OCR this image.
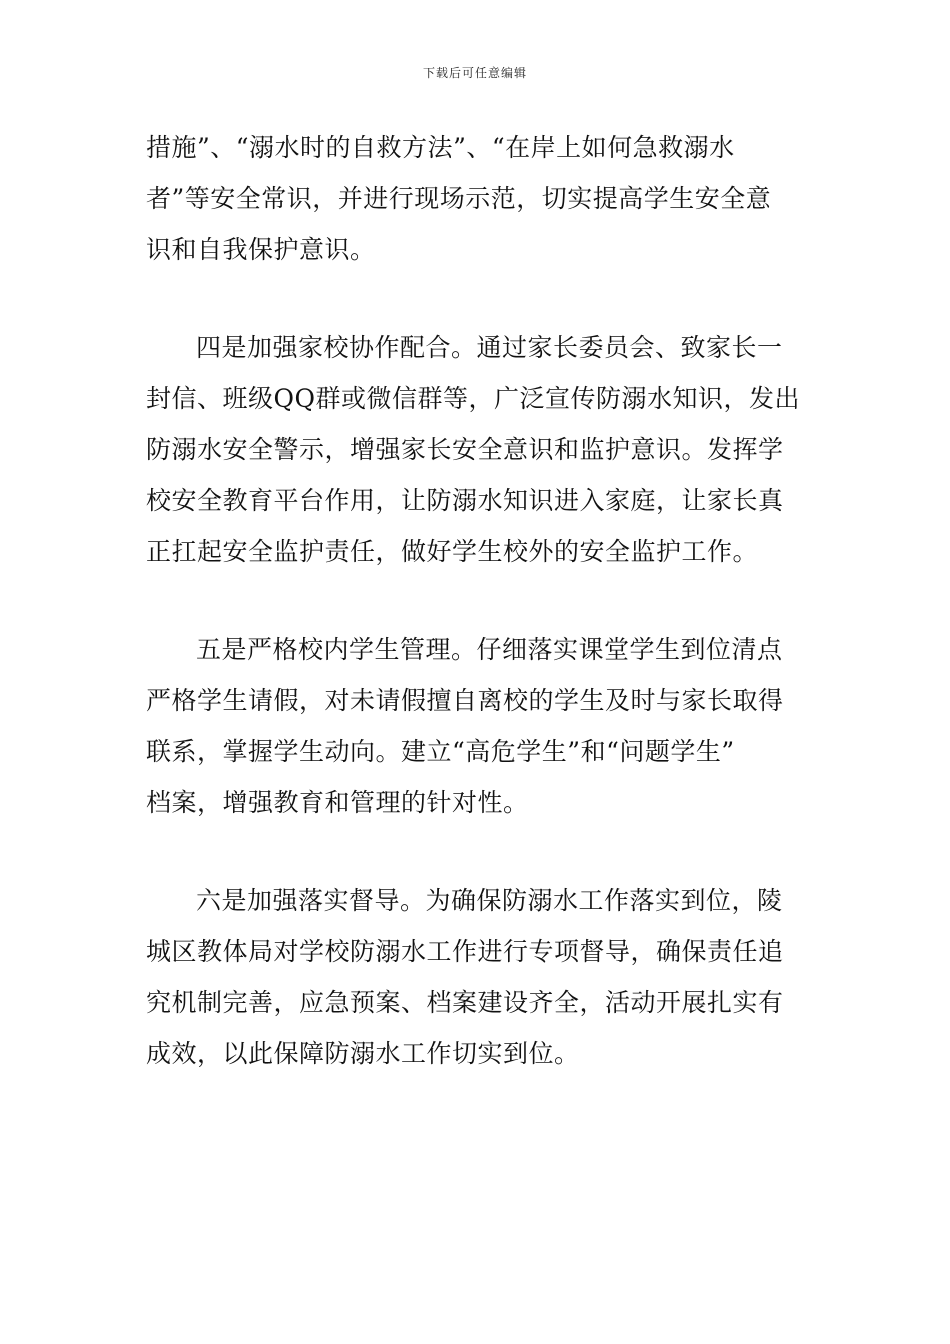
下载后可任意编辑
措施”、“溺水时的自救方法”、“在岸上如何急救溺水
者”等安全常识，并进行现场示范，切实提高学生安全意
识和自我保护意识。
四是加强家校协作配合。通过家长委员会、致家长一
封信、班级QQ群或微信群等，广泛宣传防溺水知识，发出
防溺水安全警示，增强家长安全意识和监护意识。发挥学
校安全教育平台作用，让防溺水知识进入家庭，让家长真
正扛起安全监护责任，做好学生校外的安全监护工作。
五是严格校内学生管理。仔细落实课堂学生到位清点
严格学生请假，对未请假擅自离校的学生及时与家长取得
联系，掌握学生动向。建立“高危学生”和“问题学生”
档案，增强教育和管理的针对性。
六是加强落实督导。为确保防溺水工作落实到位，陵
城区教体局对学校防溺水工作进行专项督导，确保责任追
究机制完善，应急预案、档案建设齐全，活动开展扎实有
成效，以此保障防溺水工作切实到位。
